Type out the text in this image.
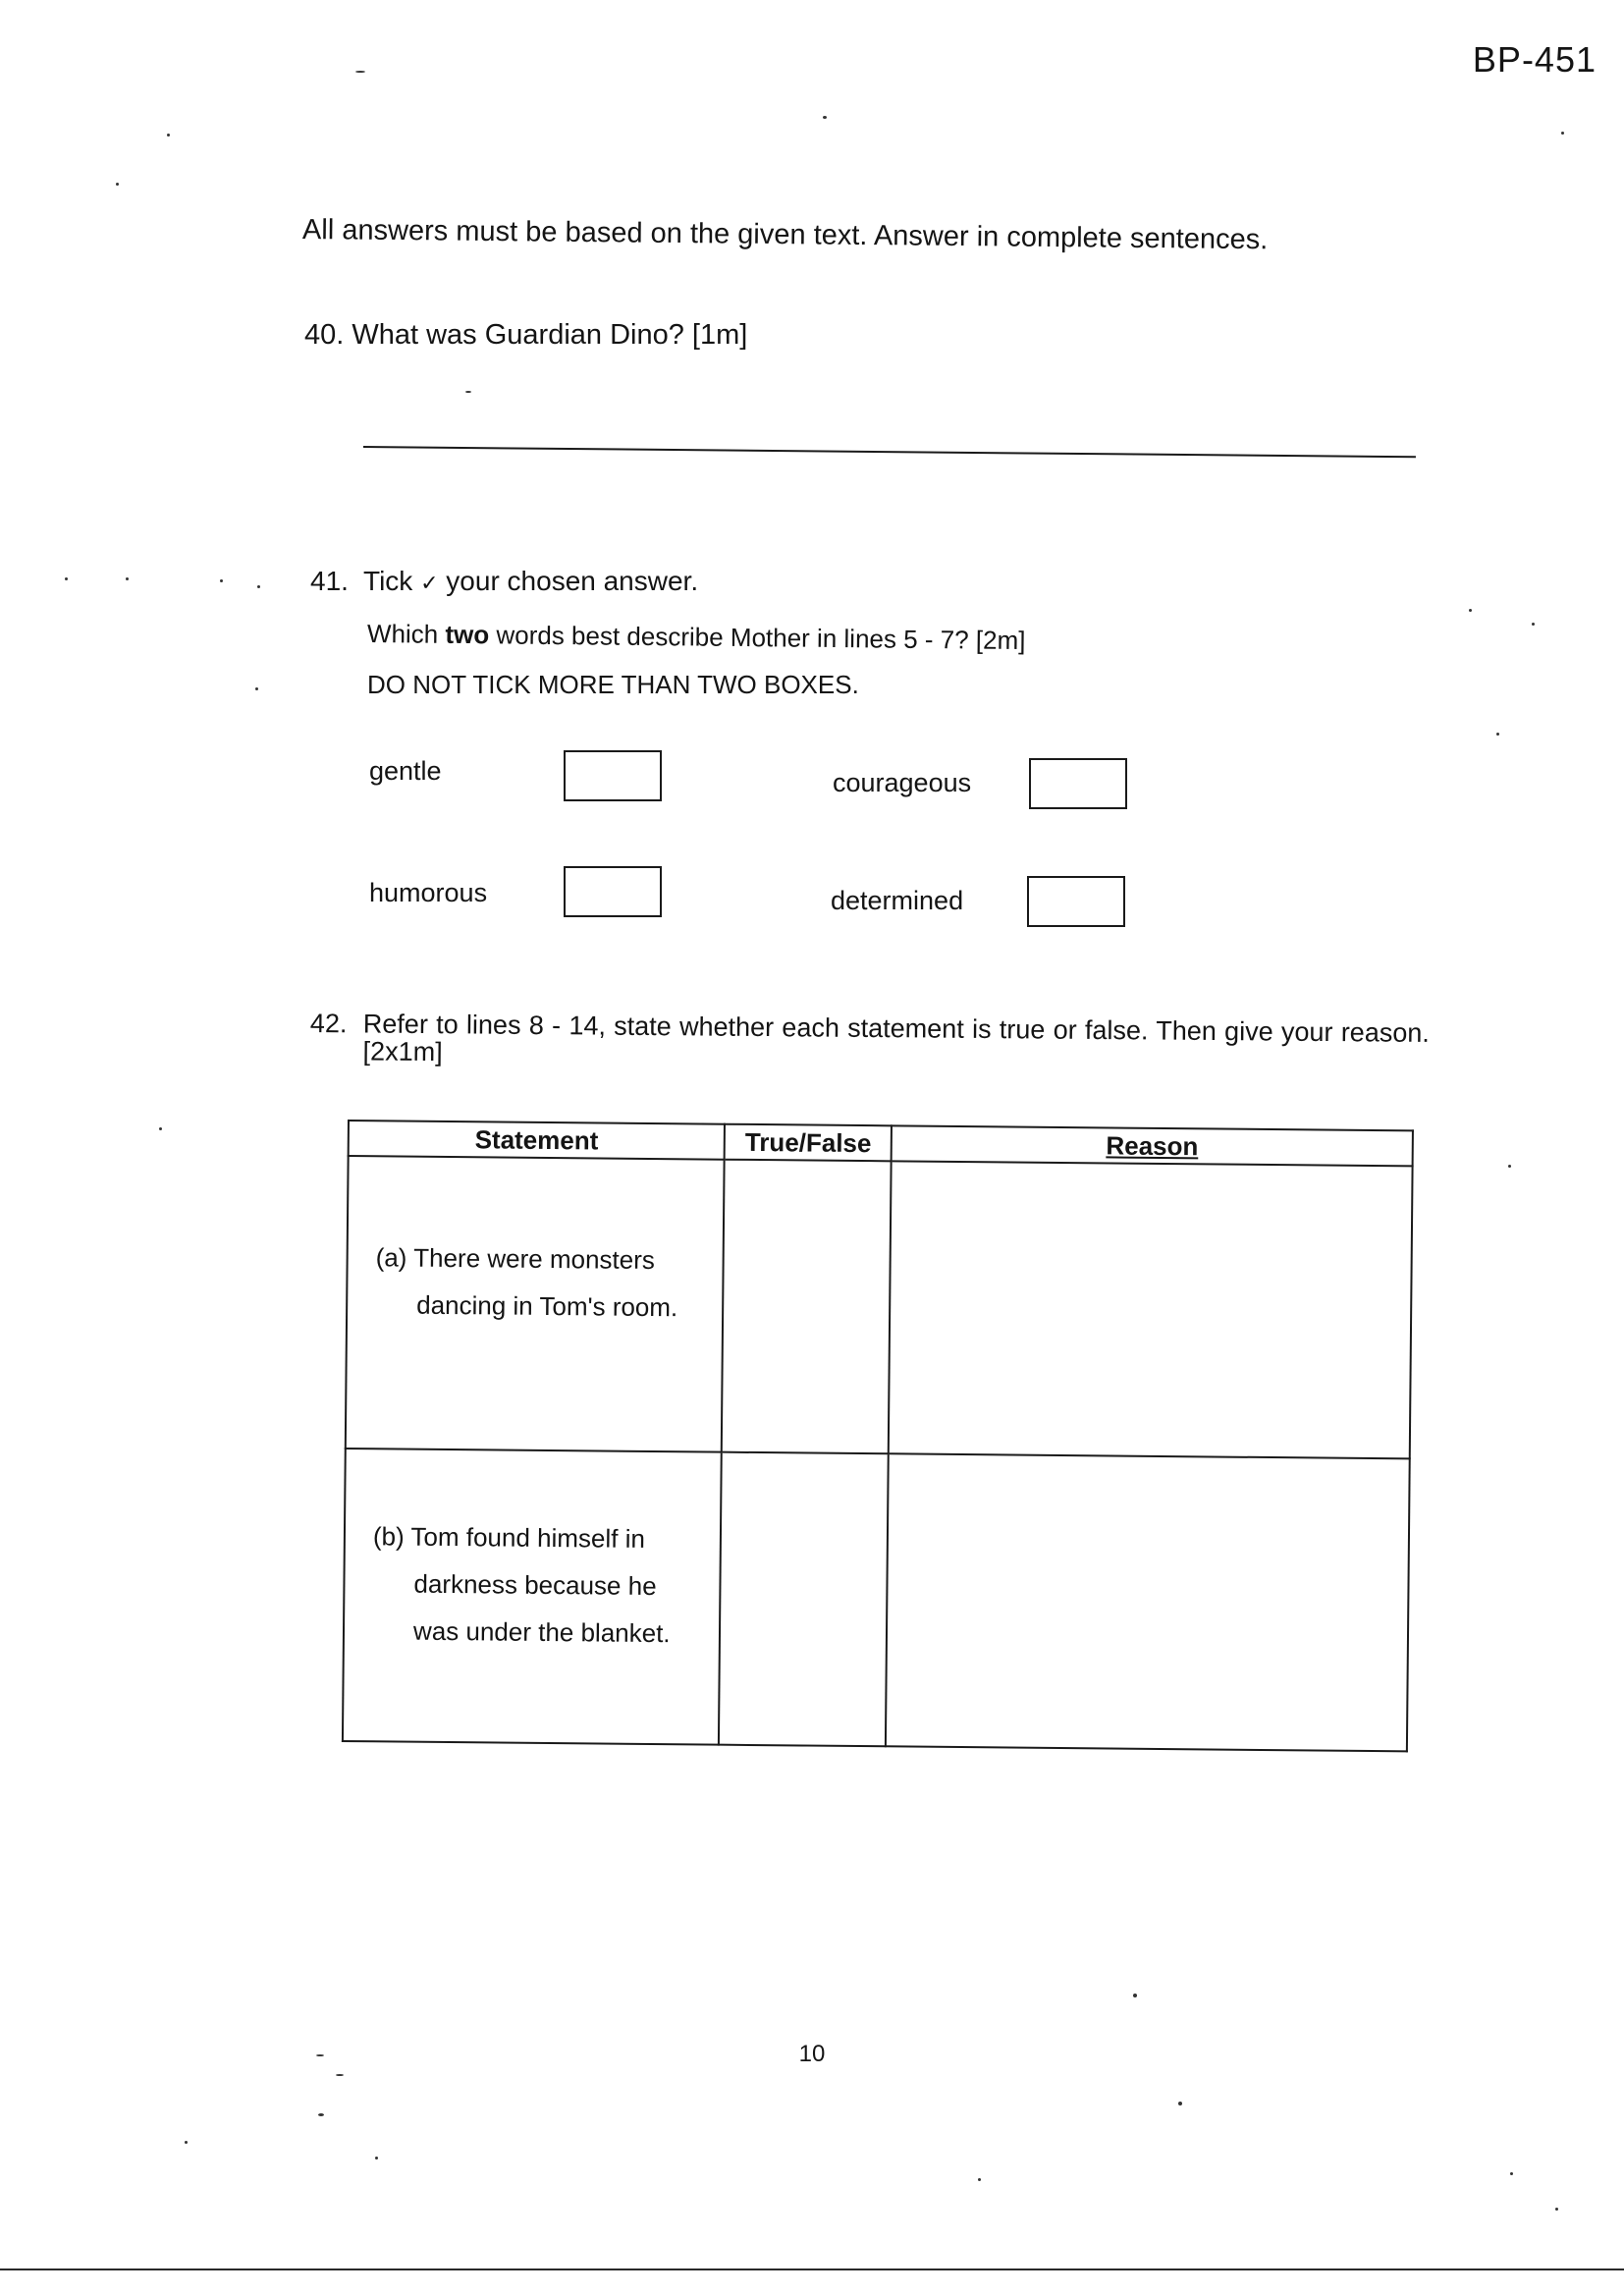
BP-451
All answers must be based on the given text. Answer in complete sentences.
40. What was Guardian Dino? [1m]
41. Tick ✓ your chosen answer.
Which two words best describe Mother in lines 5 - 7? [2m]
DO NOT TICK MORE THAN TWO BOXES.
gentle	courageous
humorous	determined
42. Refer to lines 8 - 14, state whether each statement is true or false. Then give your reason. [2x1m]
Statement	True/False	Reason

(a) There were monsters
dancing in Tom's room.		

(b) Tom found himself in
darkness because he
was under the blanket.		

10
